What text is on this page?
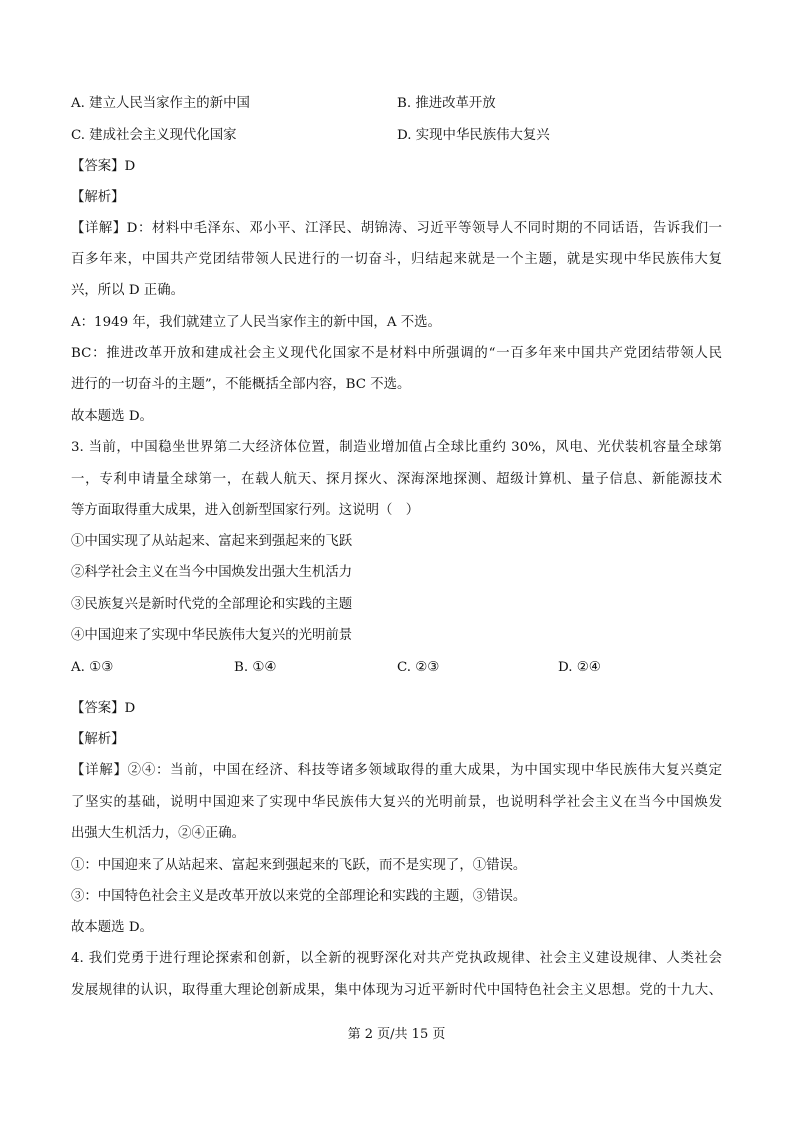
A. 建立人民当家作主的新中国	B. 推进改革开放
C. 建成社会主义现代化国家	D. 实现中华民族伟大复兴
【答案】D
【解析】
【详解】D：材料中毛泽东、邓小平、江泽民、胡锦涛、习近平等领导人不同时期的不同话语，告诉我们一
百多年来，中国共产党团结带领人民进行的一切奋斗，归结起来就是一个主题，就是实现中华民族伟大复
兴，所以 D 正确。
A：1949 年，我们就建立了人民当家作主的新中国，A 不选。
BC：推进改革开放和建成社会主义现代化国家不是材料中所强调的“一百多年来中国共产党团结带领人民
进行的一切奋斗的主题”，不能概括全部内容，BC 不选。
故本题选 D。
3. 当前，中国稳坐世界第二大经济体位置，制造业增加值占全球比重约 30%，风电、光伏装机容量全球第
一，专利申请量全球第一，在载人航天、探月探火、深海深地探测、超级计算机、量子信息、新能源技术
等方面取得重大成果，进入创新型国家行列。这说明（　）
①中国实现了从站起来、富起来到强起来的飞跃
②科学社会主义在当今中国焕发出强大生机活力
③民族复兴是新时代党的全部理论和实践的主题
④中国迎来了实现中华民族伟大复兴的光明前景
A. ①③	B. ①④	C. ②③	D. ②④
【答案】D
【解析】
【详解】②④：当前，中国在经济、科技等诸多领域取得的重大成果，为中国实现中华民族伟大复兴奠定
了坚实的基础，说明中国迎来了实现中华民族伟大复兴的光明前景，也说明科学社会主义在当今中国焕发
出强大生机活力，②④正确。
①：中国迎来了从站起来、富起来到强起来的飞跃，而不是实现了，①错误。
③：中国特色社会主义是改革开放以来党的全部理论和实践的主题，③错误。
故本题选 D。
4. 我们党勇于进行理论探索和创新，以全新的视野深化对共产党执政规律、社会主义建设规律、人类社会
发展规律的认识，取得重大理论创新成果，集中体现为习近平新时代中国特色社会主义思想。党的十九大、
第 2 页/共 15 页
